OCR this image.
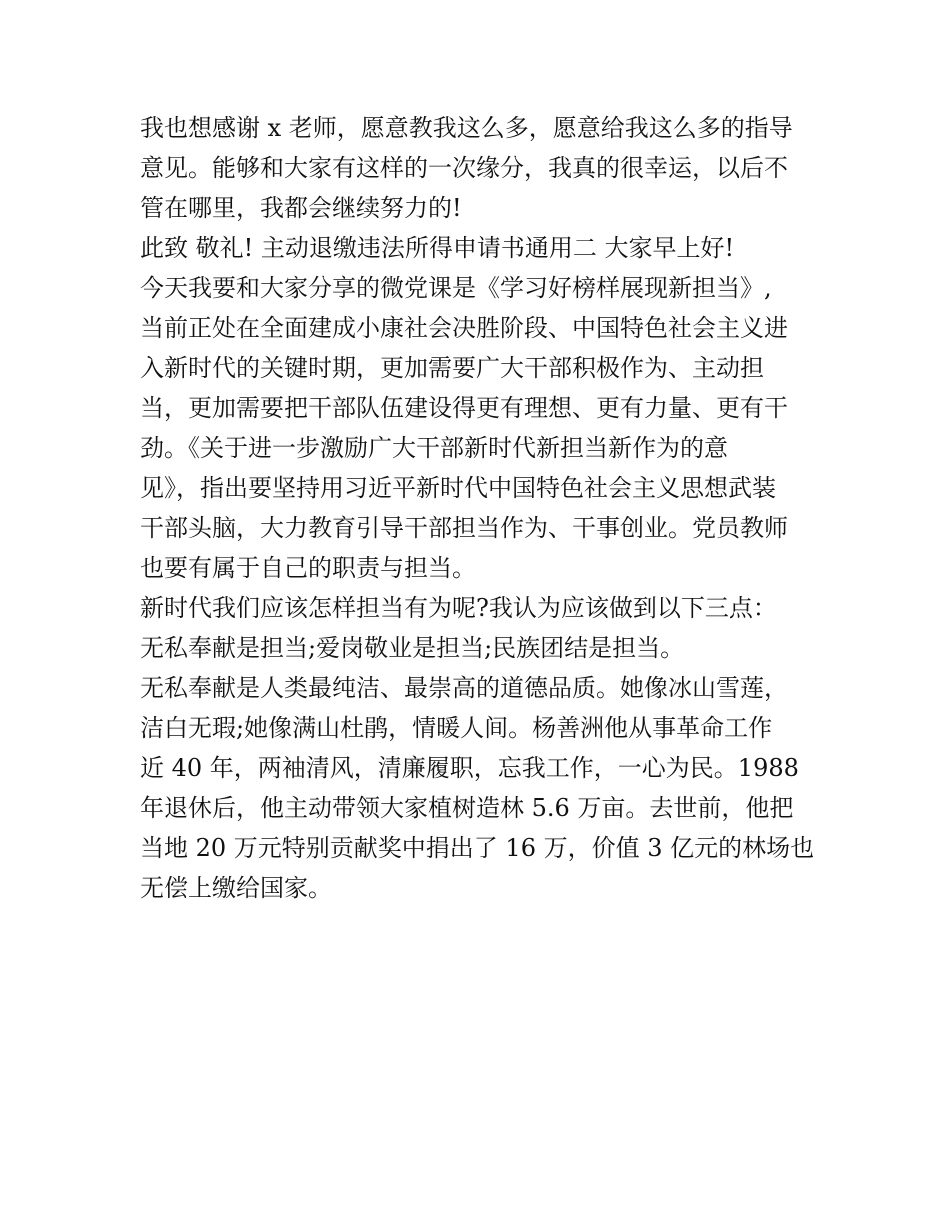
我也想感谢 x 老师，愿意教我这么多，愿意给我这么多的指导
意见。能够和大家有这样的一次缘分，我真的很幸运，以后不
管在哪里，我都会继续努力的!
此致 敬礼! 主动退缴违法所得申请书通用二 大家早上好!
今天我要和大家分享的微党课是《学习好榜样展现新担当》,
当前正处在全面建成小康社会决胜阶段、中国特色社会主义进
入新时代的关键时期，更加需要广大干部积极作为、主动担
当，更加需要把干部队伍建设得更有理想、更有力量、更有干
劲。《关于进一步激励广大干部新时代新担当新作为的意
见》，指出要坚持用习近平新时代中国特色社会主义思想武装
干部头脑，大力教育引导干部担当作为、干事创业。党员教师
也要有属于自己的职责与担当。
新时代我们应该怎样担当有为呢?我认为应该做到以下三点：
无私奉献是担当;爱岗敬业是担当;民族团结是担当。
无私奉献是人类最纯洁、最崇高的道德品质。她像冰山雪莲，
洁白无瑕;她像满山杜鹃，情暖人间。杨善洲他从事革命工作
近 40 年，两袖清风，清廉履职，忘我工作，一心为民。1988
年退休后，他主动带领大家植树造林 5.6 万亩。去世前，他把
当地 20 万元特别贡献奖中捐出了 16 万，价值 3 亿元的林场也
无偿上缴给国家。
